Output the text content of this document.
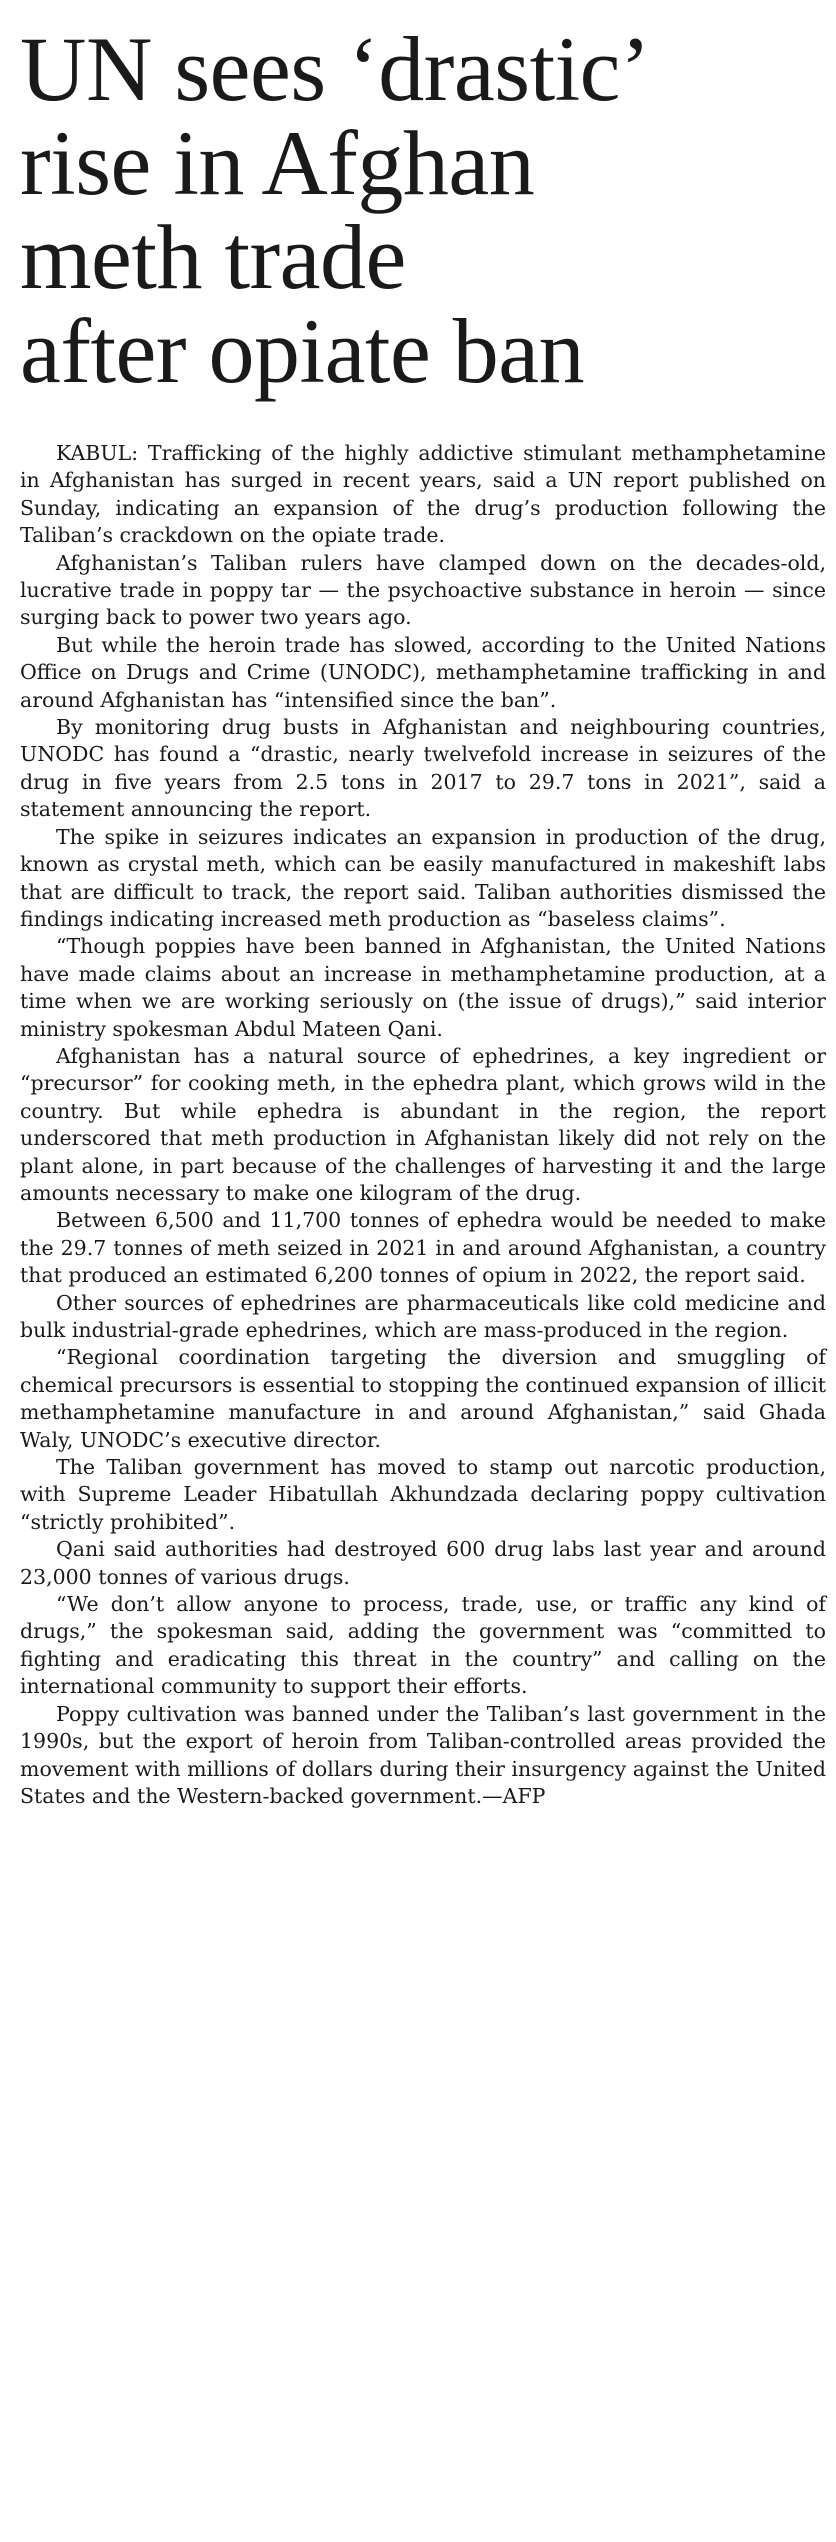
UN sees ‘drastic’
rise in Afghan
meth trade
after opiate ban

KABUL: Trafficking of the highly addictive stimulant methamphetamine in Afghanistan has surged in recent years, said a UN report published on Sunday, indicating an expansion of the drug’s production following the Taliban’s crackdown on the opiate trade.

Afghanistan’s Taliban rulers have clamped down on the decades-old, lucrative trade in poppy tar — the psychoactive substance in heroin — since surging back to power two years ago.

But while the heroin trade has slowed, according to the United Nations Office on Drugs and Crime (UNODC), methamphetamine trafficking in and around Afghanistan has “intensified since the ban”.

By monitoring drug busts in Afghanistan and neighbouring countries, UNODC has found a “drastic, nearly twelvefold increase in seizures of the drug in five years from 2.5 tons in 2017 to 29.7 tons in 2021”, said a statement announcing the report.

The spike in seizures indicates an expansion in production of the drug, known as crystal meth, which can be easily manufactured in makeshift labs that are difficult to track, the report said. Taliban authorities dismissed the findings indicating increased meth production as “baseless claims”.

“Though poppies have been banned in Afghanistan, the United Nations have made claims about an increase in methamphetamine production, at a time when we are working seriously on (the issue of drugs),” said interior ministry spokesman Abdul Mateen Qani.

Afghanistan has a natural source of ephedrines, a key ingredient or “precursor” for cooking meth, in the ephedra plant, which grows wild in the country. But while ephedra is abundant in the region, the report underscored that meth production in Afghanistan likely did not rely on the plant alone, in part because of the challenges of harvesting it and the large amounts necessary to make one kilogram of the drug.

Between 6,500 and 11,700 tonnes of ephedra would be needed to make the 29.7 tonnes of meth seized in 2021 in and around Afghanistan, a country that produced an estimated 6,200 tonnes of opium in 2022, the report said.

Other sources of ephedrines are pharmaceuticals like cold medicine and bulk industrial-grade ephedrines, which are mass-produced in the region.

“Regional coordination targeting the diversion and smuggling of chemical precursors is essential to stopping the continued expansion of illicit methamphetamine manufacture in and around Afghanistan,” said Ghada Waly, UNODC’s executive director.

The Taliban government has moved to stamp out narcotic production, with Supreme Leader Hibatullah Akhundzada declaring poppy cultivation “strictly prohibited”.

Qani said authorities had destroyed 600 drug labs last year and around 23,000 tonnes of various drugs.

“We don’t allow anyone to process, trade, use, or traffic any kind of drugs,” the spokesman said, adding the government was “committed to fighting and eradicating this threat in the country” and calling on the international community to support their efforts.

Poppy cultivation was banned under the Taliban’s last government in the 1990s, but the export of heroin from Taliban-controlled areas provided the movement with millions of dollars during their insurgency against the United States and the Western-backed government.—AFP
